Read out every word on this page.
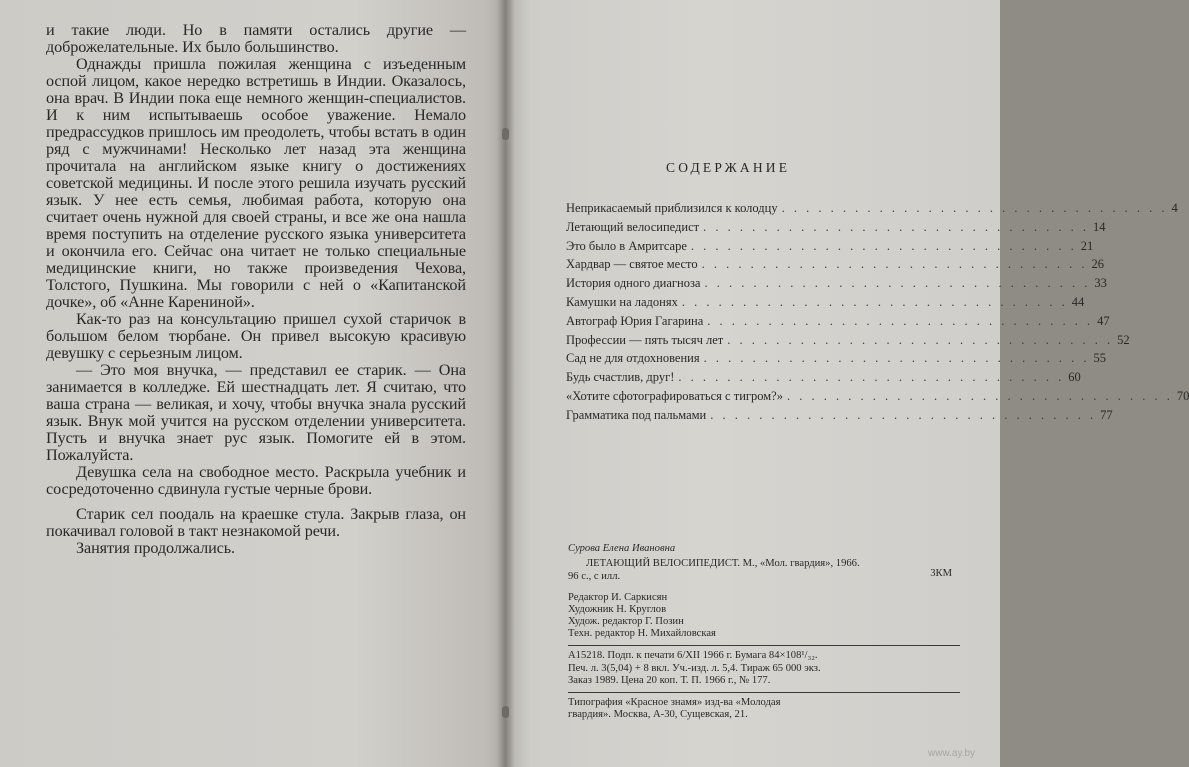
и такие люди. Но в памяти остались другие — доброжелательные. Их было большинство.

Однажды пришла пожилая женщина с изъеденным оспой лицом, какое нередко встретишь в Индии. Оказалось, она врач. В Индии пока еще немного женщин-специалистов. И к ним испытываешь особое уважение. Немало предрассудков пришлось им преодолеть, чтобы встать в один ряд с мужчинами! Несколько лет назад эта женщина прочитала на английском языке книгу о достижениях советской медицины. И после этого решила изучать русский язык. У нее есть семья, любимая работа, которую она считает очень нужной для своей страны, и все же она нашла время поступить на отделение русского языка университета и окончила его. Сейчас она читает не только специальные медицинские книги, но также произведения Чехова, Толстого, Пушкина. Мы говорили с ней о «Капитанской дочке», об «Анне Карениной».

Как-то раз на консультацию пришел сухой старичок в большом белом тюрбане. Он привел высокую красивую девушку с серьезным лицом.

— Это моя внучка, — представил ее старик. — Она занимается в колледже. Ей шестнадцать лет. Я считаю, что ваша страна — великая, и хочу, чтобы внучка знала русский язык. Внук мой учится на русском отделении университета. Пусть и внучка знает рус язык. Помогите ей в этом. Пожалуйста.

Девушка села на свободное место. Раскрыла учебник и сосредоточенно сдвинула густые черные брови.

Старик сел поодаль на краешке стула. Закрыв глаза, он покачивал головой в такт незнакомой речи.

Занятия продолжались.

СОДЕРЖАНИЕ
Неприкасаемый приблизился к колодцу . . . . . . . . . . . . . . . . . . . . . . . . . . . . . . . . 4
Летающий велосипедист . . . . . . . . . . . . . . . . . . . . . . . . . . . . . . . . 14
Это было в Амритсаре . . . . . . . . . . . . . . . . . . . . . . . . . . . . . . . . 21
Хардвар — святое место . . . . . . . . . . . . . . . . . . . . . . . . . . . . . . . . 26
История одного диагноза . . . . . . . . . . . . . . . . . . . . . . . . . . . . . . . . 33
Камушки на ладонях . . . . . . . . . . . . . . . . . . . . . . . . . . . . . . . . 44
Автограф Юрия Гагарина . . . . . . . . . . . . . . . . . . . . . . . . . . . . . . . . 47
Профессии — пять тысяч лет . . . . . . . . . . . . . . . . . . . . . . . . . . . . . . . . 52
Сад не для отдохновения . . . . . . . . . . . . . . . . . . . . . . . . . . . . . . . . 55
Будь счастлив, друг! . . . . . . . . . . . . . . . . . . . . . . . . . . . . . . . . 60
«Хотите сфотографироваться с тигром?» . . . . . . . . . . . . . . . . . . . . . . . . . . . . . . . . 70
Грамматика под пальмами . . . . . . . . . . . . . . . . . . . . . . . . . . . . . . . . 77
3КМ
Сурова Елена Ивановна
ЛЕТАЮЩИЙ ВЕЛОСИПЕДИСТ. М., «Мол. гвардия», 1966.
96 с., с илл.
Редактор И. Саркисян
Художник Н. Круглов
Худож. редактор Г. Позин
Техн. редактор Н. Михайловская
А15218. Подп. к печати 6/XII 1966 г. Бумага 84×108¹/₃₂.
Печ. л. 3(5,04) + 8 вкл. Уч.-изд. л. 5,4. Тираж 65 000 экз.
Заказ 1989. Цена 20 коп. Т. П. 1966 г., № 177.
Типография «Красное знамя» изд-ва «Молодая
гвардия». Москва, А-30, Сущевская, 21.
www.ay.by
